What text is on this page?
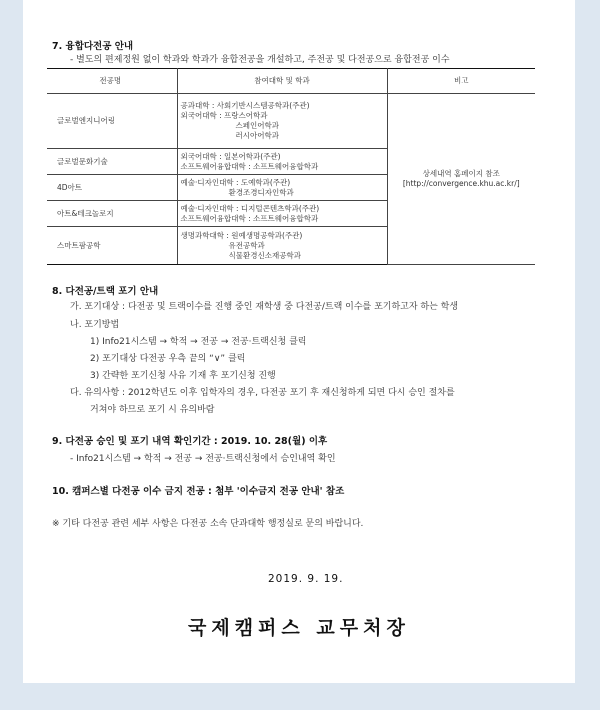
7. 융합다전공 안내
- 별도의 편제정원 없이 학과와 학과가 융합전공을 개설하고, 주전공 및 다전공으로 융합전공 이수
전공명	참여대학 및 학과	비고
글로벌엔지니어링	공과대학 : 사회기반시스템공학과(주관)
외국어대학 : 프랑스어학과
스페인어학과
러시아어학과	상세내역 홈페이지 참조
[http://convergence.khu.ac.kr/]

글로벌문화기술	외국어대학 : 일본어학과(주관)
소프트웨어융합대학 : 소프트웨어융합학과	

4D아트	예술·디자인대학 : 도예학과(주관)
환경조경디자인학과	

아트&테크놀로지	예술·디자인대학 : 디지털콘텐츠학과(주관)
소프트웨어융합대학 : 소프트웨어융합학과	

스마트팜공학	생명과학대학 : 원예생명공학과(주관)
유전공학과
식물환경신소재공학과	
8. 다전공/트랙 포기 안내
가. 포기대상 : 다전공 및 트랙이수를 진행 중인 재학생 중 다전공/트랙 이수를 포기하고자 하는 학생
나. 포기방법
1) Info21시스템 → 학적 → 전공 → 전공·트랙신청 클릭
2) 포기대상 다전공 우측 끝의 “∨” 클릭
3) 간략한 포기신청 사유 기재 후 포기신청 진행
다. 유의사항 : 2012학년도 이후 입학자의 경우, 다전공 포기 후 재신청하게 되면 다시 승인 절차를
거쳐야 하므로 포기 시 유의바람
9. 다전공 승인 및 포기 내역 확인기간 : 2019. 10. 28(월) 이후
- Info21시스템 → 학적 → 전공 → 전공·트랙신청에서 승인내역 확인
10. 캠퍼스별 다전공 이수 금지 전공 : 첨부 '이수금지 전공 안내' 참조
※ 기타 다전공 관련 세부 사항은 다전공 소속 단과대학 행정실로 문의 바랍니다.
2019. 9. 19.
국제캠퍼스 교무처장
